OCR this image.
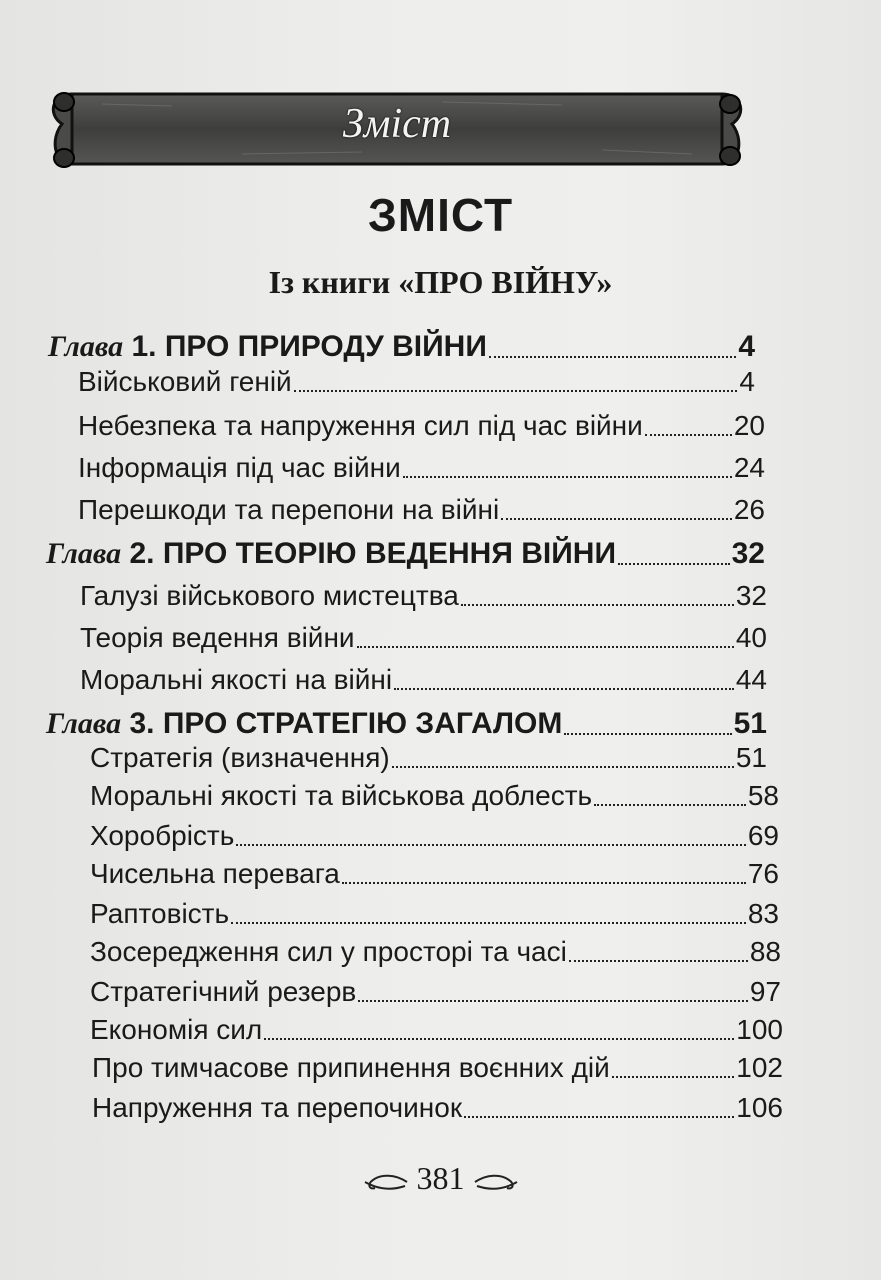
Зміст
ЗМІСТ
Із книги «ПРО ВІЙНУ»
Глава 1. ПРО ПРИРОДУ ВІЙНИ	4
Військовий геній	4
Небезпека та напруження сил під час війни	20
Інформація під час війни	24
Перешкоди та перепони на війні	26
Глава 2. ПРО ТЕОРІЮ ВЕДЕННЯ ВІЙНИ	32
Галузі військового мистецтва	32
Теорія ведення війни	40
Моральні якості на війні	44
Глава 3. ПРО СТРАТЕГІЮ ЗАГАЛОМ	51
Стратегія (визначення)	51
Моральні якості та військова доблесть	58
Хоробрість	69
Чисельна перевага	76
Раптовість	83
Зосередження сил у просторі та часі	88
Стратегічний резерв	97
Економія сил	100
Про тимчасове припинення воєнних дій	102
Напруження та перепочинок	106
381
